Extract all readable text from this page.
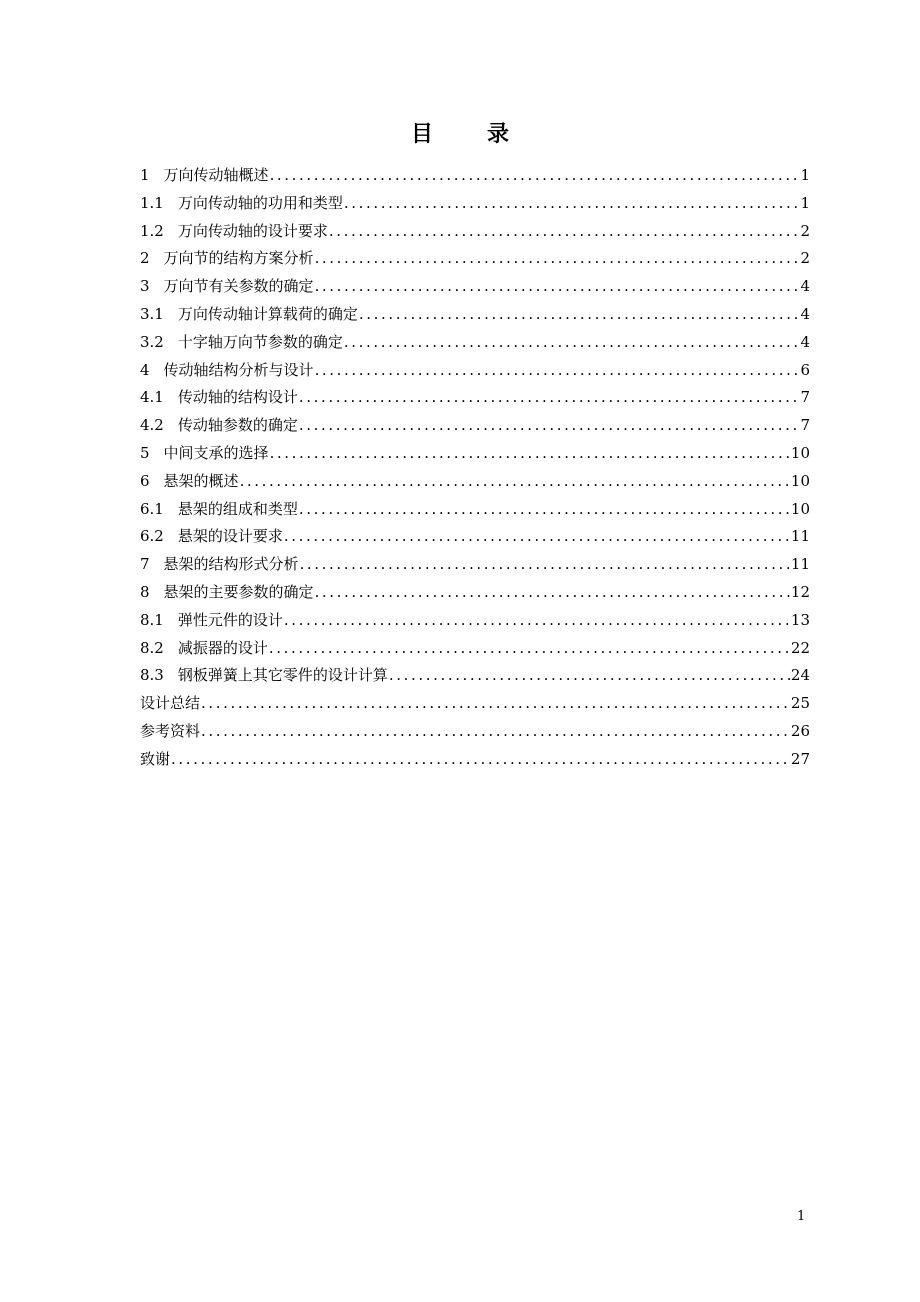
目　录
1 万向传动轴概述 .....	1
1.1 万向传动轴的功用和类型 .....	1
1.2 万向传动轴的设计要求 .....	2
2 万向节的结构方案分析 .....	2
3 万向节有关参数的确定 .....	4
3.1 万向传动轴计算载荷的确定 .....	4
3.2 十字轴万向节参数的确定 .....	4
4 传动轴结构分析与设计 .....	6
4.1 传动轴的结构设计 .....	7
4.2 传动轴参数的确定 .....	7
5 中间支承的选择 .....	10
6 悬架的概述 .....	10
6.1 悬架的组成和类型 .....	10
6.2 悬架的设计要求 .....	11
7 悬架的结构形式分析 .....	11
8 悬架的主要参数的确定 .....	12
8.1 弹性元件的设计 .....	13
8.2 减振器的设计 .....	22
8.3 钢板弹簧上其它零件的设计计算 .....	24
设计总结 .....	25
参考资料 .....	26
致谢 .....	27
1
